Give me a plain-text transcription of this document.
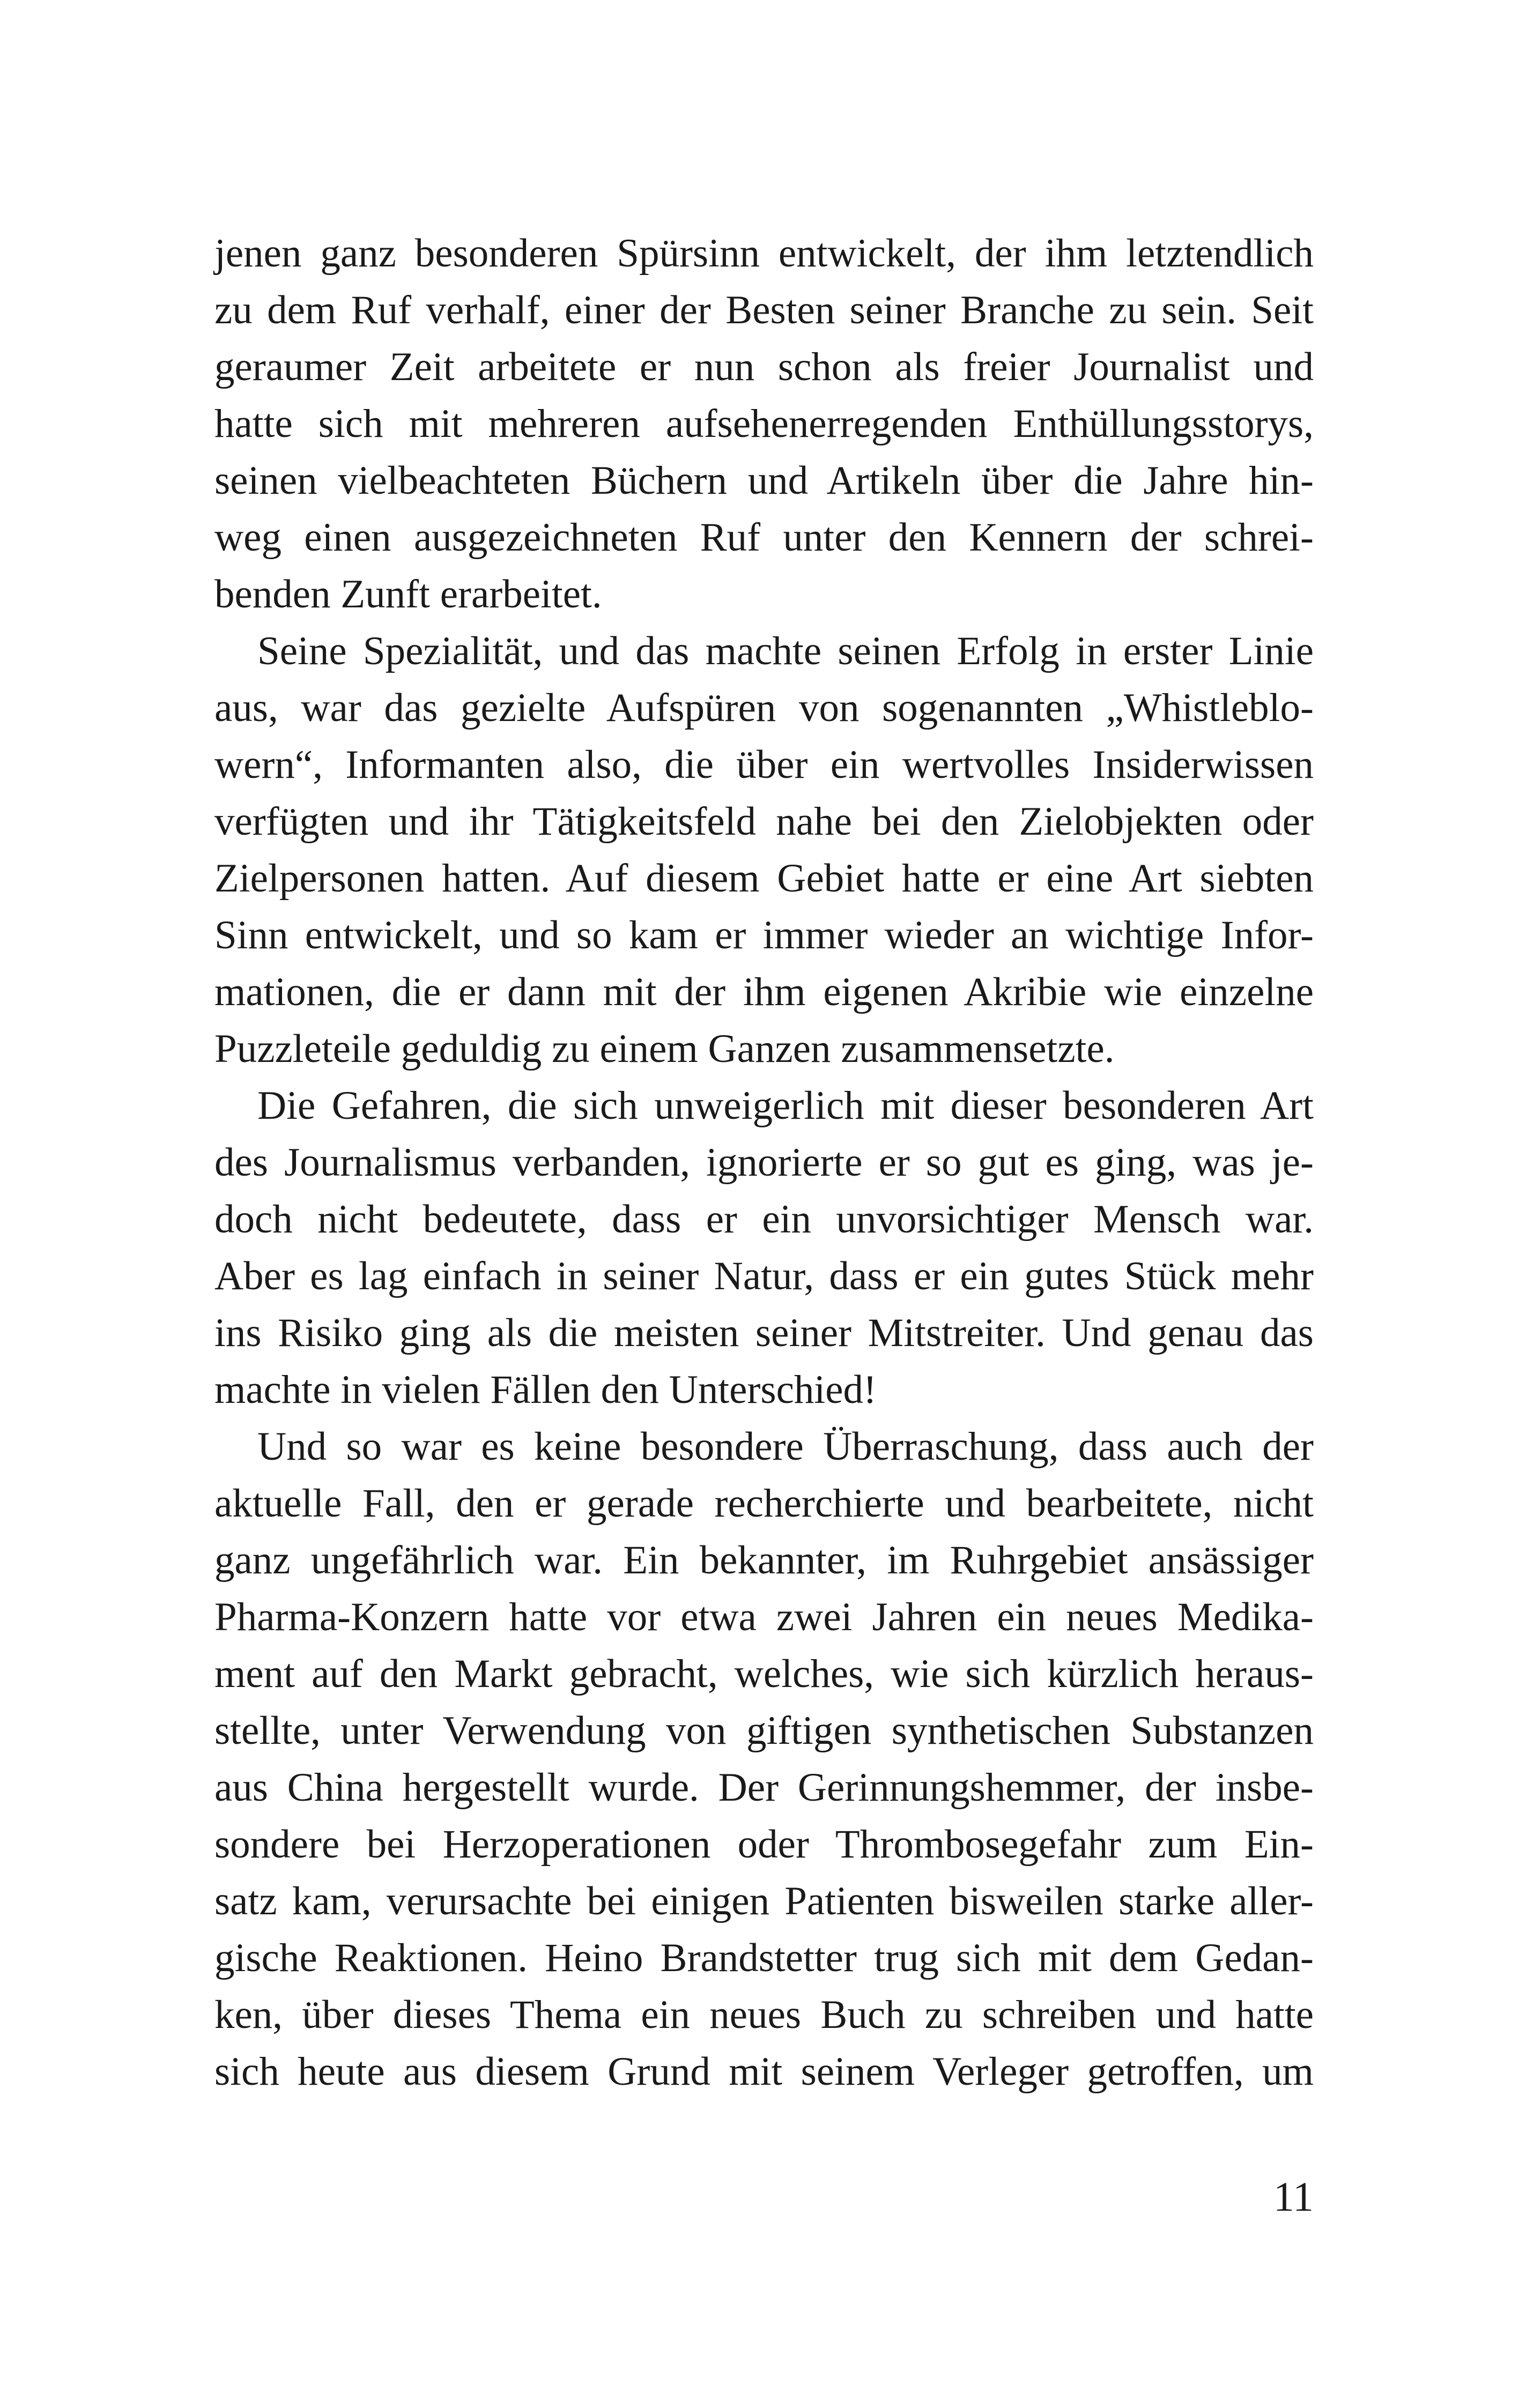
jenen ganz besonderen Spürsinn entwickelt, der ihm letztendlich
zu dem Ruf verhalf, einer der Besten seiner Branche zu sein. Seit
geraumer Zeit arbeitete er nun schon als freier Journalist und
hatte sich mit mehreren aufsehenerregenden Enthüllungsstorys,
seinen vielbeachteten Büchern und Artikeln über die Jahre hin-
weg einen ausgezeichneten Ruf unter den Kennern der schrei-
benden Zunft erarbeitet.
Seine Spezialität, und das machte seinen Erfolg in erster Linie
aus, war das gezielte Aufspüren von sogenannten „Whistleblo-
wern“, Informanten also, die über ein wertvolles Insiderwissen
verfügten und ihr Tätigkeitsfeld nahe bei den Zielobjekten oder
Zielpersonen hatten. Auf diesem Gebiet hatte er eine Art siebten
Sinn entwickelt, und so kam er immer wieder an wichtige Infor-
mationen, die er dann mit der ihm eigenen Akribie wie einzelne
Puzzleteile geduldig zu einem Ganzen zusammensetzte.
Die Gefahren, die sich unweigerlich mit dieser besonderen Art
des Journalismus verbanden, ignorierte er so gut es ging, was je-
doch nicht bedeutete, dass er ein unvorsichtiger Mensch war.
Aber es lag einfach in seiner Natur, dass er ein gutes Stück mehr
ins Risiko ging als die meisten seiner Mitstreiter. Und genau das
machte in vielen Fällen den Unterschied!
Und so war es keine besondere Überraschung, dass auch der
aktuelle Fall, den er gerade recherchierte und bearbeitete, nicht
ganz ungefährlich war. Ein bekannter, im Ruhrgebiet ansässiger
Pharma-Konzern hatte vor etwa zwei Jahren ein neues Medika-
ment auf den Markt gebracht, welches, wie sich kürzlich heraus-
stellte, unter Verwendung von giftigen synthetischen Substanzen
aus China hergestellt wurde. Der Gerinnungshemmer, der insbe-
sondere bei Herzoperationen oder Thrombosegefahr zum Ein-
satz kam, verursachte bei einigen Patienten bisweilen starke aller-
gische Reaktionen. Heino Brandstetter trug sich mit dem Gedan-
ken, über dieses Thema ein neues Buch zu schreiben und hatte
sich heute aus diesem Grund mit seinem Verleger getroffen, um
11
